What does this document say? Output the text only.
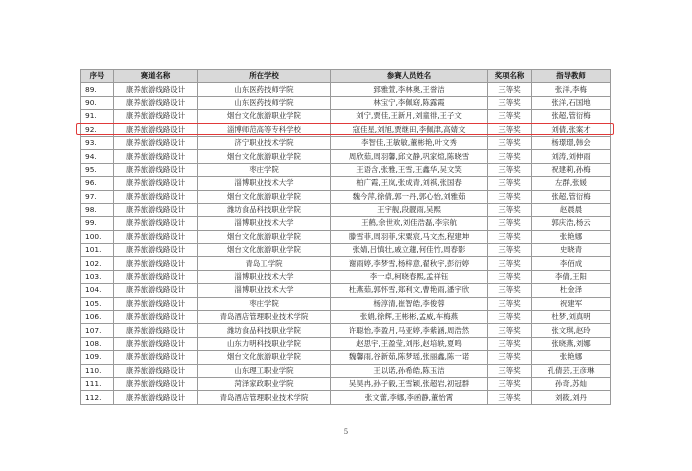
序号	赛道名称	所在学校	参赛人员姓名	奖项名称	指导教师
89.	康养旅游线路设计	山东医药技师学院	郅雅萱,李林奥,王誉洁	三等奖	张洋,李梅
90.	康养旅游线路设计	山东医药技师学院	林宝宁,李佩窈,陈露霞	三等奖	张洋,石国地
91.	康养旅游线路设计	烟台文化旅游职业学院	刘宁,贾佳,王新月,刘童徘,王子文	三等奖	张超,管衍梅
92.	康养旅游线路设计	淄博师范高等专科学校	寇佳星,刘旭,贾继田,李佩津,高婧文	三等奖	刘倩,张案才
93.	康养旅游线路设计	济宁职业技术学院	李智佳,王敏敏,董彬艳,叶文秀	三等奖	杨璟璟,韩会
94.	康养旅游线路设计	烟台文化旅游职业学院	周欣茹,周羽馨,邱文静,巩家煊,陈晓雪	三等奖	刘涛,刘伸雨
95.	康养旅游线路设计	枣庄学院	王语含,张雅,王雪,王鑫华,吴文笑	三等奖	祝建莉,孙梅
96.	康养旅游线路设计	淄博职业技术大学	柏广霞,王岚,张成青,刘祺,张国春	三等奖	左群,张媛
97.	康养旅游线路设计	烟台文化旅游职业学院	魏今萍,徐倩,郭一丹,郭心怡,刘雅茹	三等奖	张超,管衍梅
98.	康养旅游线路设计	潍坊食品科技职业学院	王宇舰,段靓雨,吴熙	三等奖	赵晨晨
99.	康养旅游线路设计	淄博职业技术大学	王鹤,余世欢,刘佳浩磊,李宗航	三等奖	郭庆浩,杨云
100.	康养旅游线路设计	烟台文化旅游职业学院	滕雪菲,周羽菲,宋粟宸,马文杰,程建坤	三等奖	张艳娜
101.	康养旅游线路设计	烟台文化旅游职业学院	张婧,吕慎壮,戚立蘧,何佳竹,周春影	三等奖	史晓青
102.	康养旅游线路设计	青岛工学院	谢雨婷,李梦雪,杨梓意,翟秋宇,彭衍婷	三等奖	李佰成
103.	康养旅游线路设计	淄博职业技术大学	李一卓,柯晓春熙,孟祥钰	三等奖	李倩,王阳
104.	康养旅游线路设计	淄博职业技术大学	杜燕茹,郭怀雪,郑利文,曹艳雨,潘宇欣	三等奖	杜金泽
105.	康养旅游线路设计	枣庄学院	杨淳清,崔智皓,李俊蓉	三等奖	祝建军
106.	康养旅游线路设计	青岛酒店管理职业技术学院	张娟,徐辉,王彬彬,孟威,车梅燕	三等奖	杜梦,刘真明
107.	康养旅游线路设计	潍坊食品科技职业学院	许聪怡,李盈月,马亚婷,李紫涵,周浩然	三等奖	张文琪,赵玲
108.	康养旅游线路设计	山东力明科技职业学院	赵思宇,王盈莹,刘彤,赵培轶,夏鸣	三等奖	张晓燕,刘娜
109.	康养旅游线路设计	烟台文化旅游职业学院	魏馨雨,谷新茹,陈梦瑶,张丽鑫,陈一诺	三等奖	张艳娜
110.	康养旅游线路设计	山东理工职业学院	王以诺,孙希皓,陈玉洁	三等奖	孔倩芸,王彦琳
111.	康养旅游线路设计	菏泽家政职业学院	吴昊冉,孙子毅,王雪颖,张超岩,初冠群	三等奖	孙奇,苏灿
112.	康养旅游线路设计	青岛酒店管理职业技术学院	张文蕾,李娜,李函静,董怡霄	三等奖	刘筱,刘丹
5
